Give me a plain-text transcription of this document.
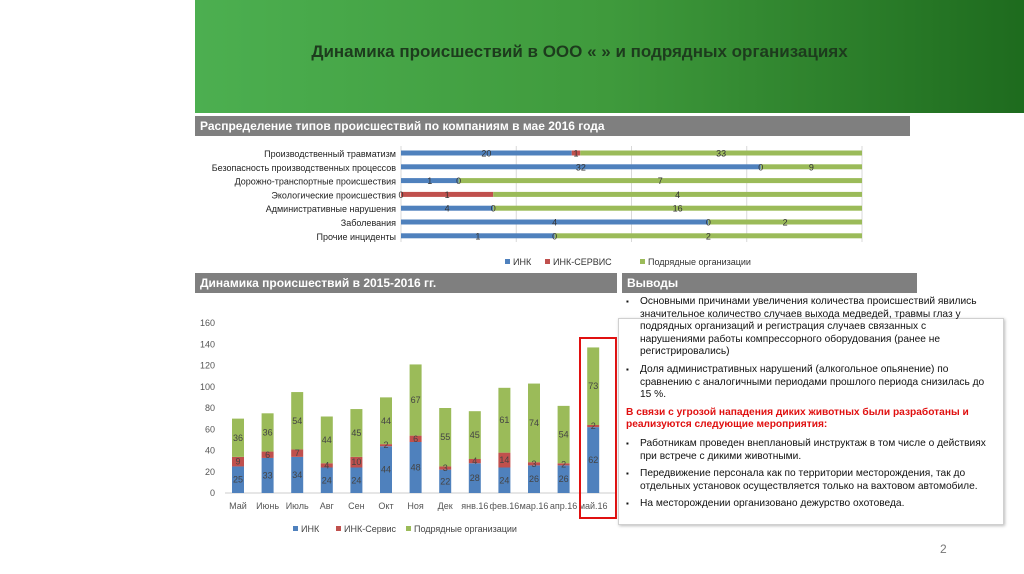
Динамика происшествий в ООО « » и подрядных организациях
Распределение типов происшествий по компаниям в мае 2016 года
Динамика происшествий в 2015-2016 гг.	Выводы
Производственный травматизм
Безопасность производственных процессов
Дорожно-транспортные происшествия
Экологические происшествия
Административные нарушения
Заболевания
Прочие инциденты
ИНК ИНК-СЕРВИС	Подрядные организации
0
20
40
60
80
100
120
140
160
Май Июнь Июль Авг Сен Окт Ноя Дек янв.16 фев.16 мар.16 апр.16 май.16
ИНК	ИНК-Сервис Подрядные организации
20	1	33
32	0	9
1	0	7
0	1	4
4	0	16
4	0	2
1	0	2
25
9
36
33
6
36
34
7
54
24
4
44
24
10
45
44
2
44
48
6
67
22
3
55
28
4
45
24
14
61
26
3
74
26
2
54
62
2
73
▪ Основными причинами увеличения количества происшествий явились значительное количество случаев выхода медведей, травмы глаз у подрядных организаций и регистрация случаев связанных с нарушениями работы компрессорного оборудования (ранее не регистрировались)
▪ Доля административных нарушений (алкогольное опьянение) по сравнению с аналогичными периодами прошлого периода снизилась до 15 %.
В связи с угрозой нападения диких животных были разработаны и реализуются следующие мероприятия:
▪ Работникам проведен внеплановый инструктаж в том числе о действиях при встрече с дикими животными.
▪ Передвижение персонала как по территории месторождения, так до отдельных установок осуществляется только на вахтовом автомобиле.
▪ На месторождении организовано дежурство охотоведа.
2
